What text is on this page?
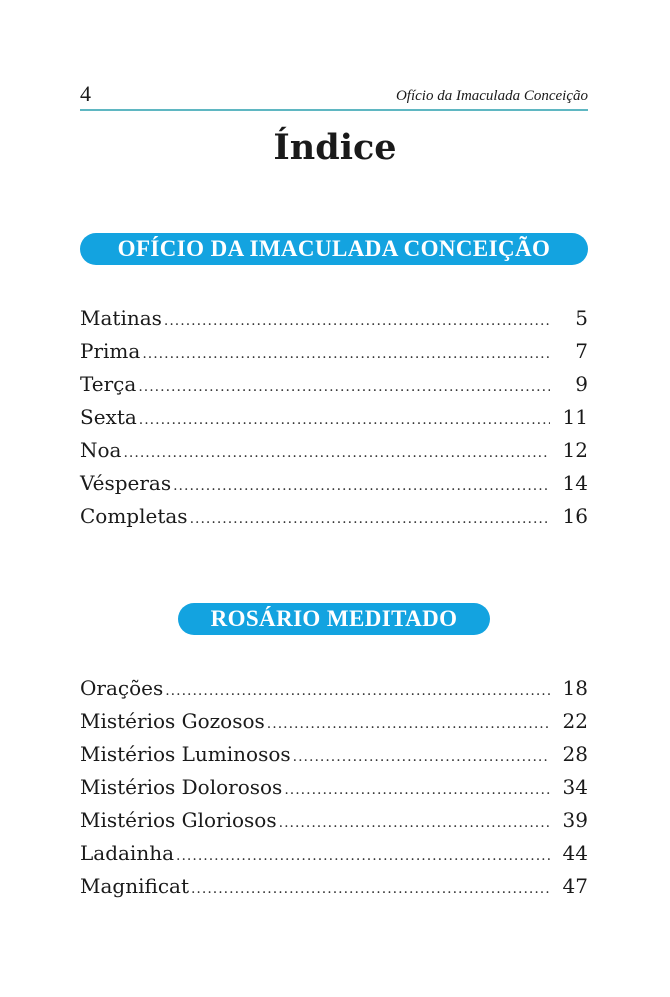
4	Ofício da Imaculada Conceição
Índice
OFÍCIO DA IMACULADA CONCEIÇÃO
Matinas .....	5
Prima .....	7
Terça .....	9
Sexta .....	11
Noa .....	12
Vésperas .....	14
Completas .....	16
ROSÁRIO MEDITADO
Orações .....	18
Mistérios Gozosos .....	22
Mistérios Luminosos .....	28
Mistérios Dolorosos .....	34
Mistérios Gloriosos .....	39
Ladainha .....	44
Magnificat .....	47
